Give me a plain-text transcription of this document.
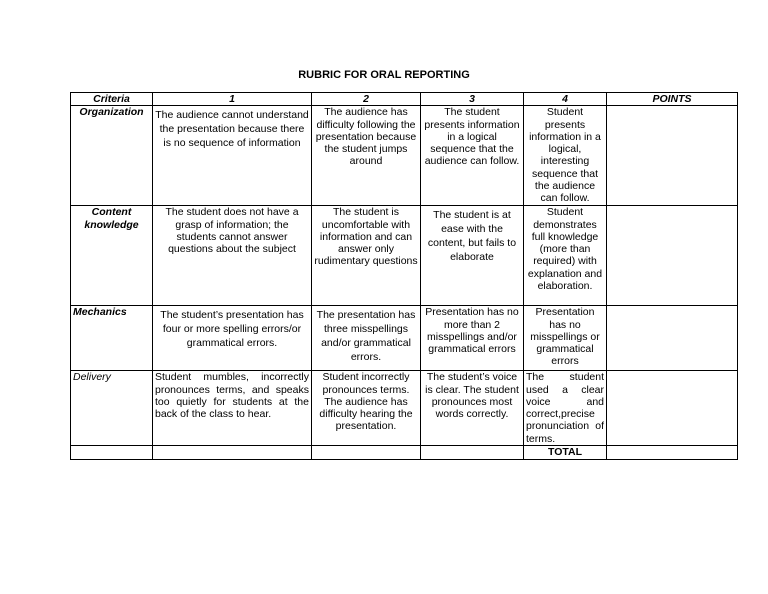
RUBRIC FOR ORAL REPORTING
Criteria	1	2	3	4	POINTS
Organization	The audience cannot understand the presentation because there is no sequence of information	The audience has difficulty following the presentation because the student jumps around	The student presents information in a logical sequence that the audience can follow.	Student presents information in a logical, interesting sequence that the audience can follow.	
Content knowledge	The student does not have a grasp of information; the students cannot answer questions about the subject	The student is uncomfortable with information and can answer only rudimentary questions	The student is at ease with the content, but fails to elaborate	Student demonstrates full knowledge (more than required) with explanation and elaboration.	
Mechanics	The student’s presentation has four or more spelling errors/or grammatical errors.	The presentation has three misspellings and/or grammatical errors.	Presentation has no more than 2 misspellings and/or grammatical errors	Presentation has no misspellings or grammatical errors	
Delivery	Student mumbles, incorrectly pronounces terms, and speaks too quietly for students at the back of the class to hear.	Student incorrectly pronounces terms. The audience has difficulty hearing the presentation.	The student’s voice is clear. The student pronounces most words correctly.	The student used a clear voice and correct,precise pronunciation of terms.	
				TOTAL	
